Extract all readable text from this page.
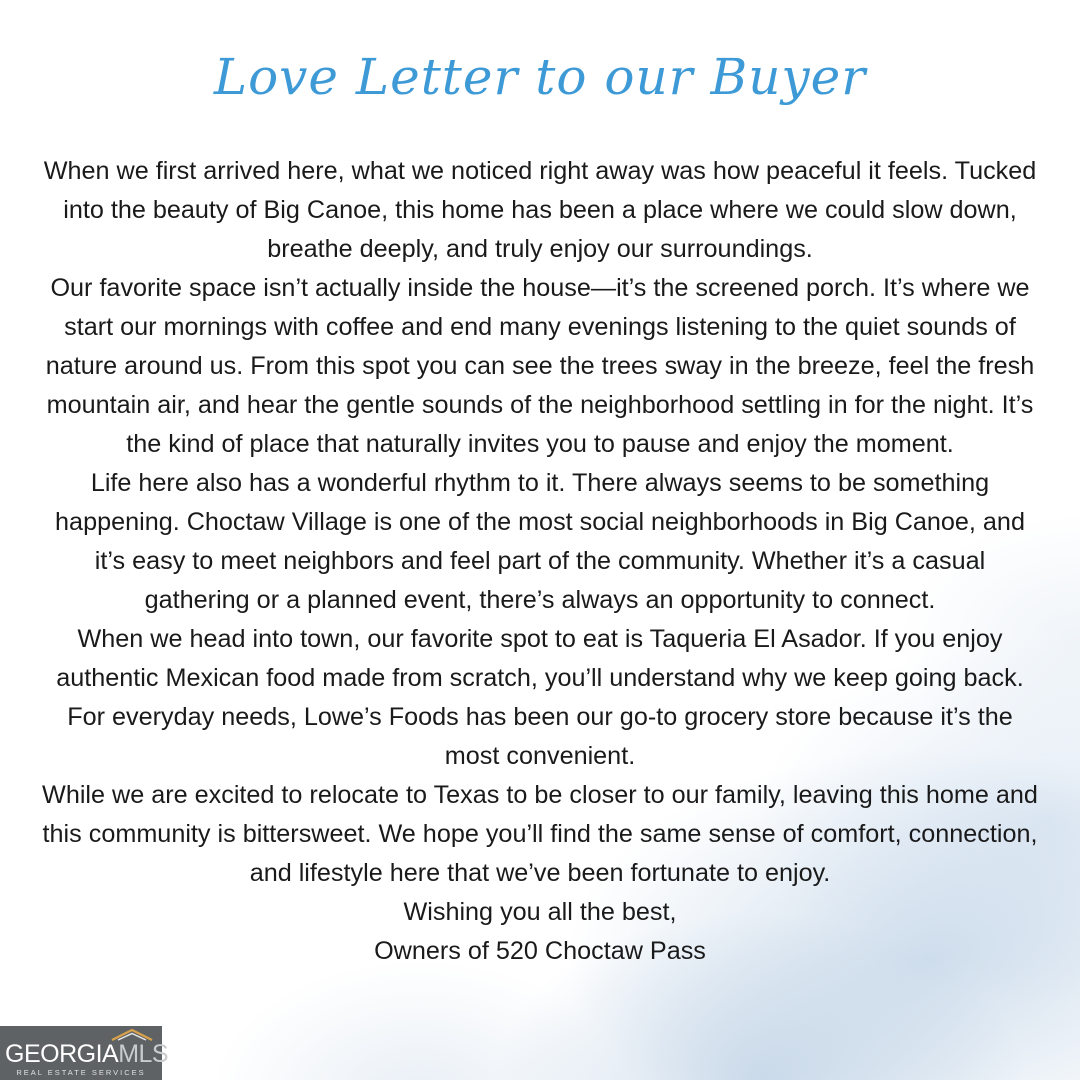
Love Letter to our Buyer

When we first arrived here, what we noticed right away was how peaceful it feels. Tucked into the beauty of Big Canoe, this home has been a place where we could slow down, breathe deeply, and truly enjoy our surroundings.

Our favorite space isn’t actually inside the house—it’s the screened porch. It’s where we start our mornings with coffee and end many evenings listening to the quiet sounds of nature around us. From this spot you can see the trees sway in the breeze, feel the fresh mountain air, and hear the gentle sounds of the neighborhood settling in for the night. It’s the kind of place that naturally invites you to pause and enjoy the moment.

Life here also has a wonderful rhythm to it. There always seems to be something happening. Choctaw Village is one of the most social neighborhoods in Big Canoe, and it’s easy to meet neighbors and feel part of the community. Whether it’s a casual gathering or a planned event, there’s always an opportunity to connect.

When we head into town, our favorite spot to eat is Taqueria El Asador. If you enjoy authentic Mexican food made from scratch, you’ll understand why we keep going back. For everyday needs, Lowe’s Foods has been our go-to grocery store because it’s the most convenient.

While we are excited to relocate to Texas to be closer to our family, leaving this home and this community is bittersweet. We hope you’ll find the same sense of comfort, connection, and lifestyle here that we’ve been fortunate to enjoy.

Wishing you all the best,

Owners of 520 Choctaw Pass

GEORGIAMLS
REAL ESTATE SERVICES
